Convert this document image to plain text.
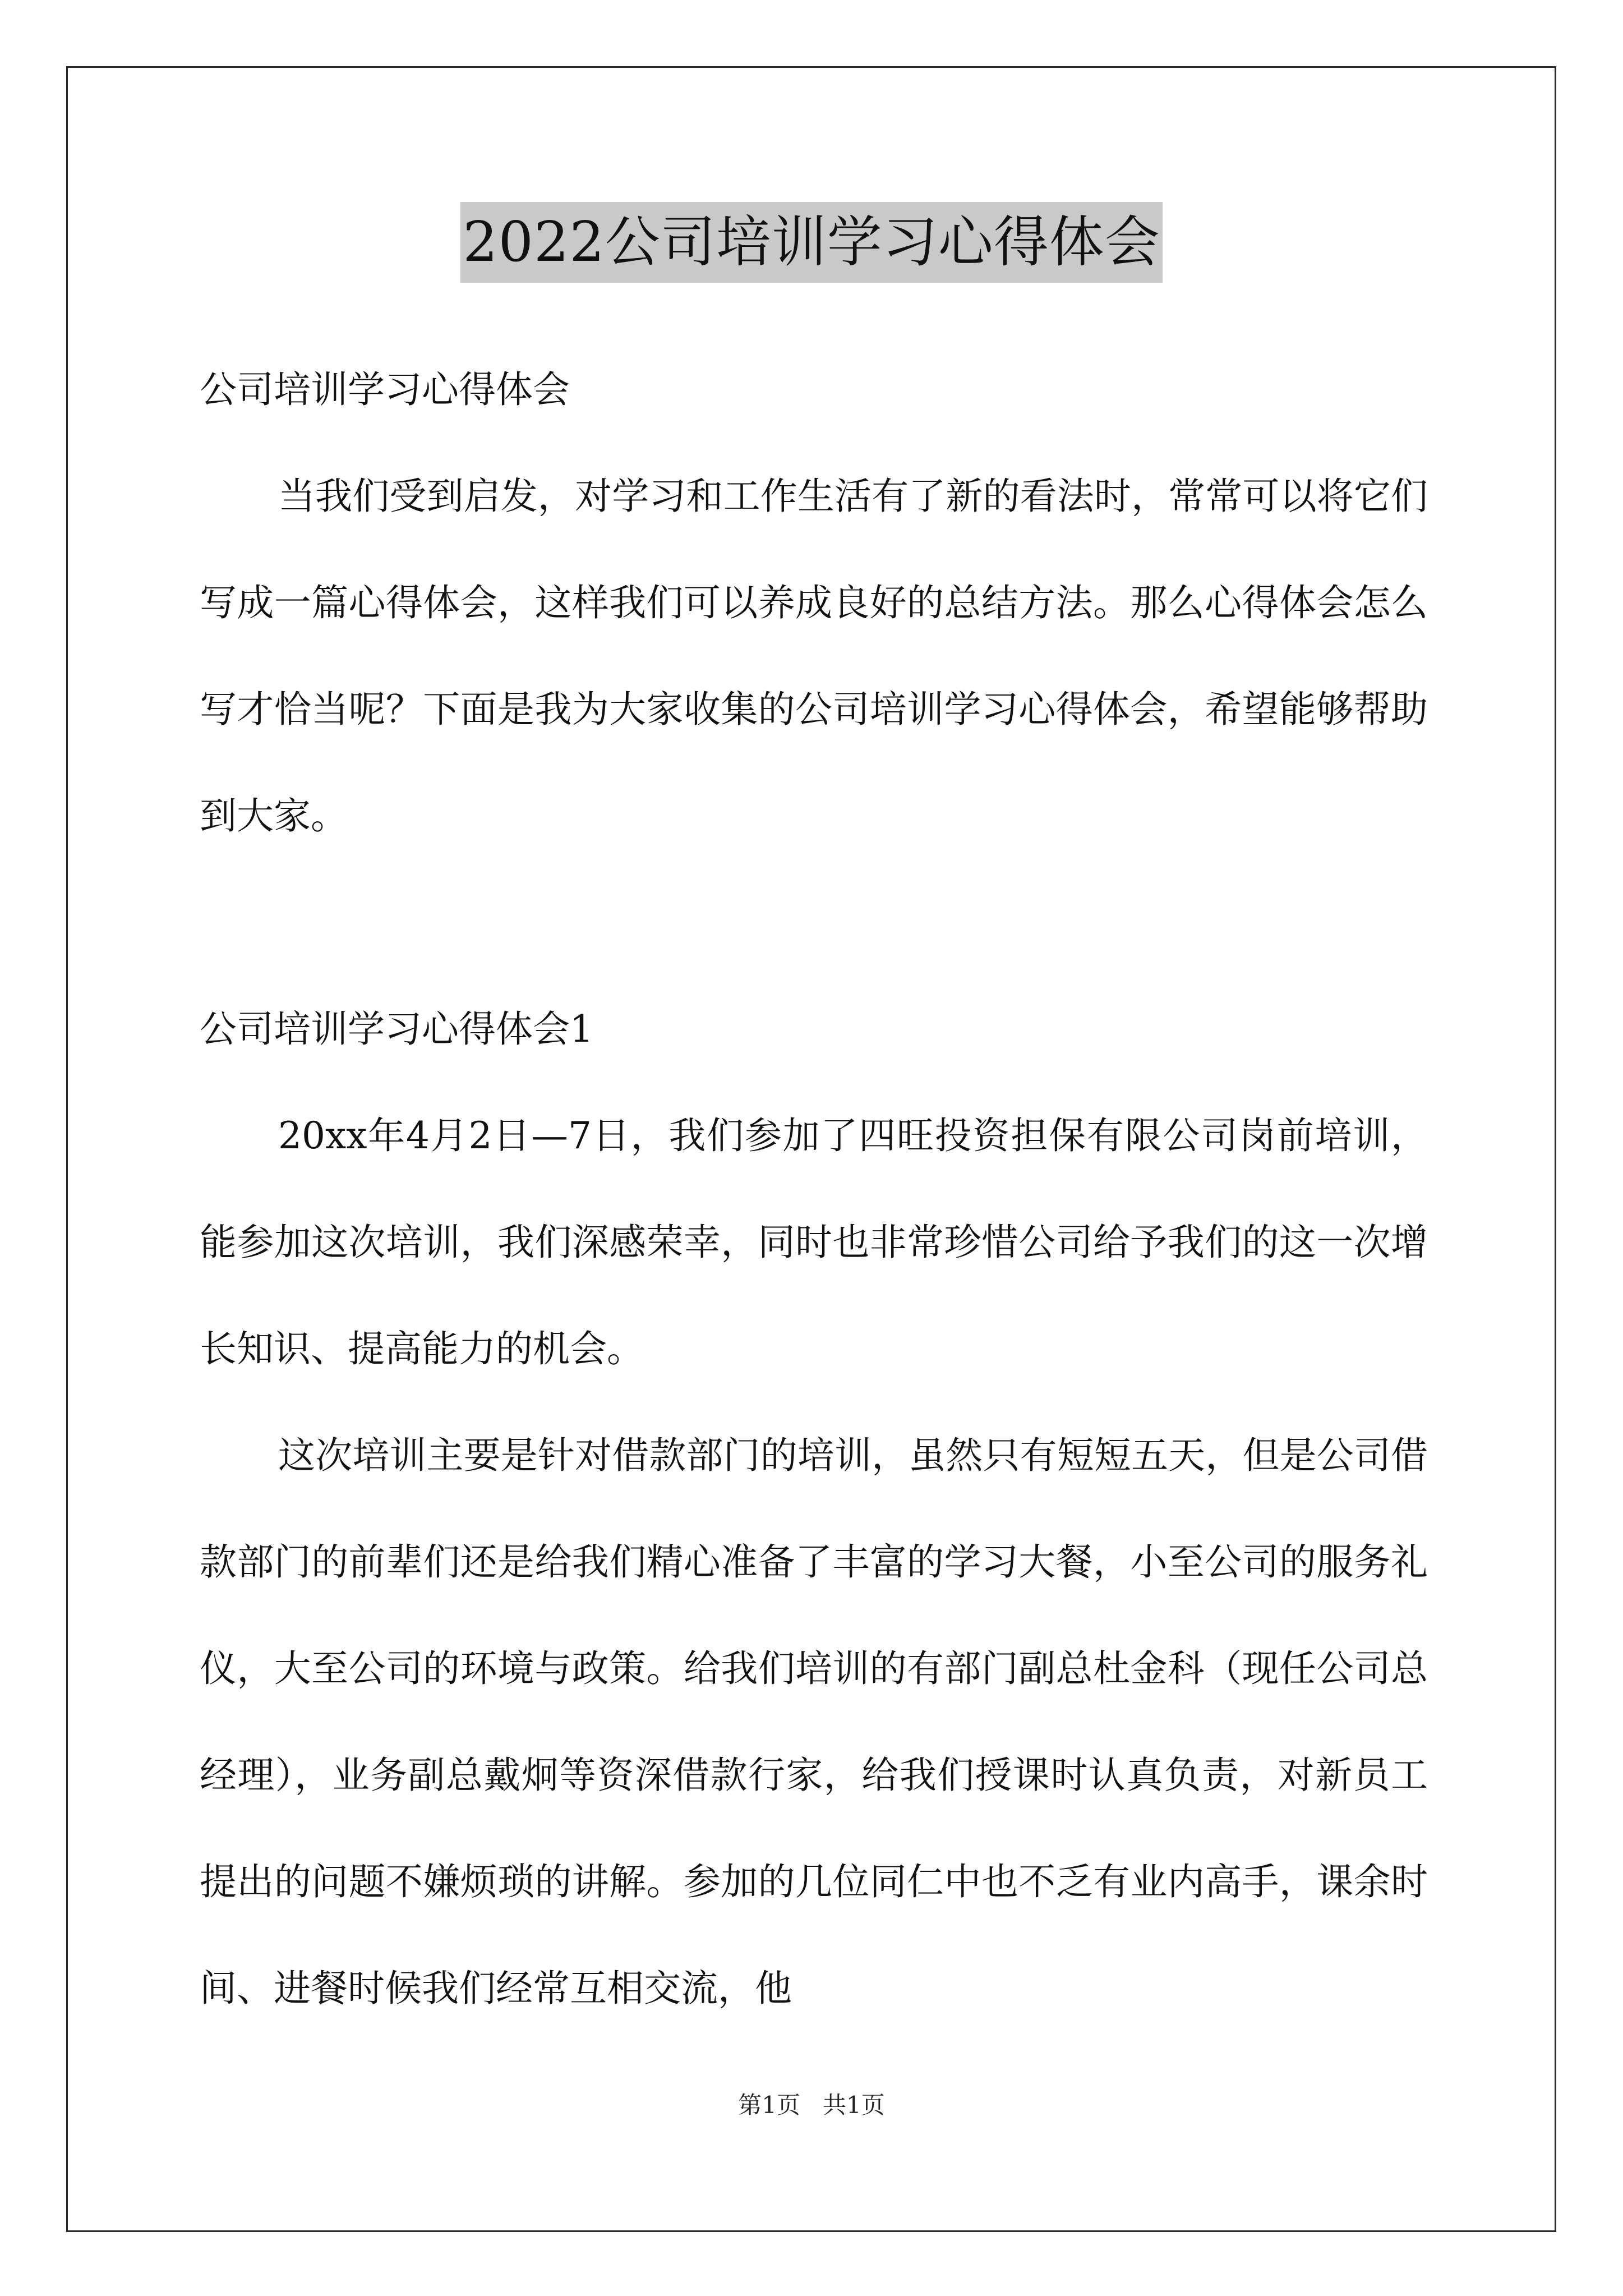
2022公司培训学习心得体会

公司培训学习心得体会

当我们受到启发，对学习和工作生活有了新的看法时，常常可以将它们写成一篇心得体会，这样我们可以养成良好的总结方法。那么心得体会怎么写才恰当呢？下面是我为大家收集的公司培训学习心得体会，希望能够帮助到大家。

公司培训学习心得体会1

20xx年4月2日—7日，我们参加了四旺投资担保有限公司岗前培训，能参加这次培训，我们深感荣幸，同时也非常珍惜公司给予我们的这一次增长知识、提高能力的机会。

这次培训主要是针对借款部门的培训，虽然只有短短五天，但是公司借款部门的前辈们还是给我们精心准备了丰富的学习大餐，小至公司的服务礼仪，大至公司的环境与政策。给我们培训的有部门副总杜金科（现任公司总经理），业务副总戴炯等资深借款行家，给我们授课时认真负责，对新员工提出的问题不嫌烦琐的讲解。参加的几位同仁中也不乏有业内高手，课余时间、进餐时候我们经常互相交流，他

第1页   共1页
